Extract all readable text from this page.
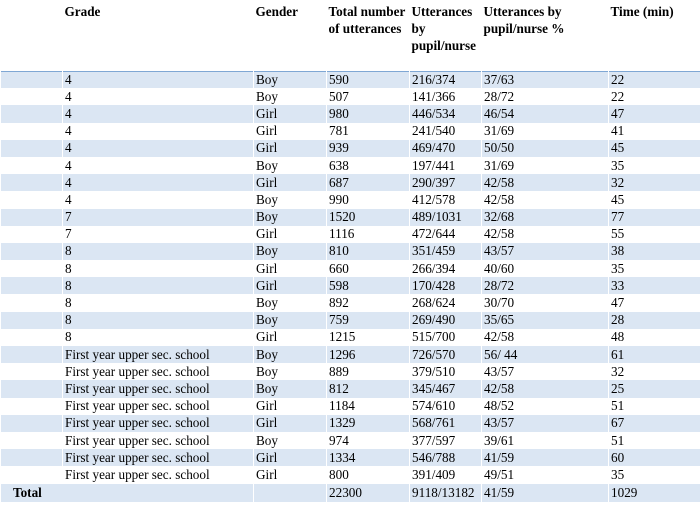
	Grade	Gender	Total number of utterances	Utterances by pupil/nurse	Utterances by pupil/nurse %	Time (min)
	4	Boy	590	216/374	37/63	22
	4	Boy	507	141/366	28/72	22
	4	Girl	980	446/534	46/54	47
	4	Girl	781	241/540	31/69	41
	4	Girl	939	469/470	50/50	45
	4	Boy	638	197/441	31/69	35
	4	Girl	687	290/397	42/58	32
	4	Boy	990	412/578	42/58	45
	7	Boy	1520	489/1031	32/68	77
	7	Girl	1116	472/644	42/58	55
	8	Boy	810	351/459	43/57	38
	8	Girl	660	266/394	40/60	35
	8	Girl	598	170/428	28/72	33
	8	Boy	892	268/624	30/70	47
	8	Boy	759	269/490	35/65	28
	8	Girl	1215	515/700	42/58	48
	First year upper sec. school	Boy	1296	726/570	56/ 44	61
	First year upper sec. school	Boy	889	379/510	43/57	32
	First year upper sec. school	Boy	812	345/467	42/58	25
	First year upper sec. school	Girl	1184	574/610	48/52	51
	First year upper sec. school	Girl	1329	568/761	43/57	67
	First year upper sec. school	Boy	974	377/597	39/61	51
	First year upper sec. school	Girl	1334	546/788	41/59	60
	First year upper sec. school	Girl	800	391/409	49/51	35
Total			22300	9118/13182	41/59	1029
